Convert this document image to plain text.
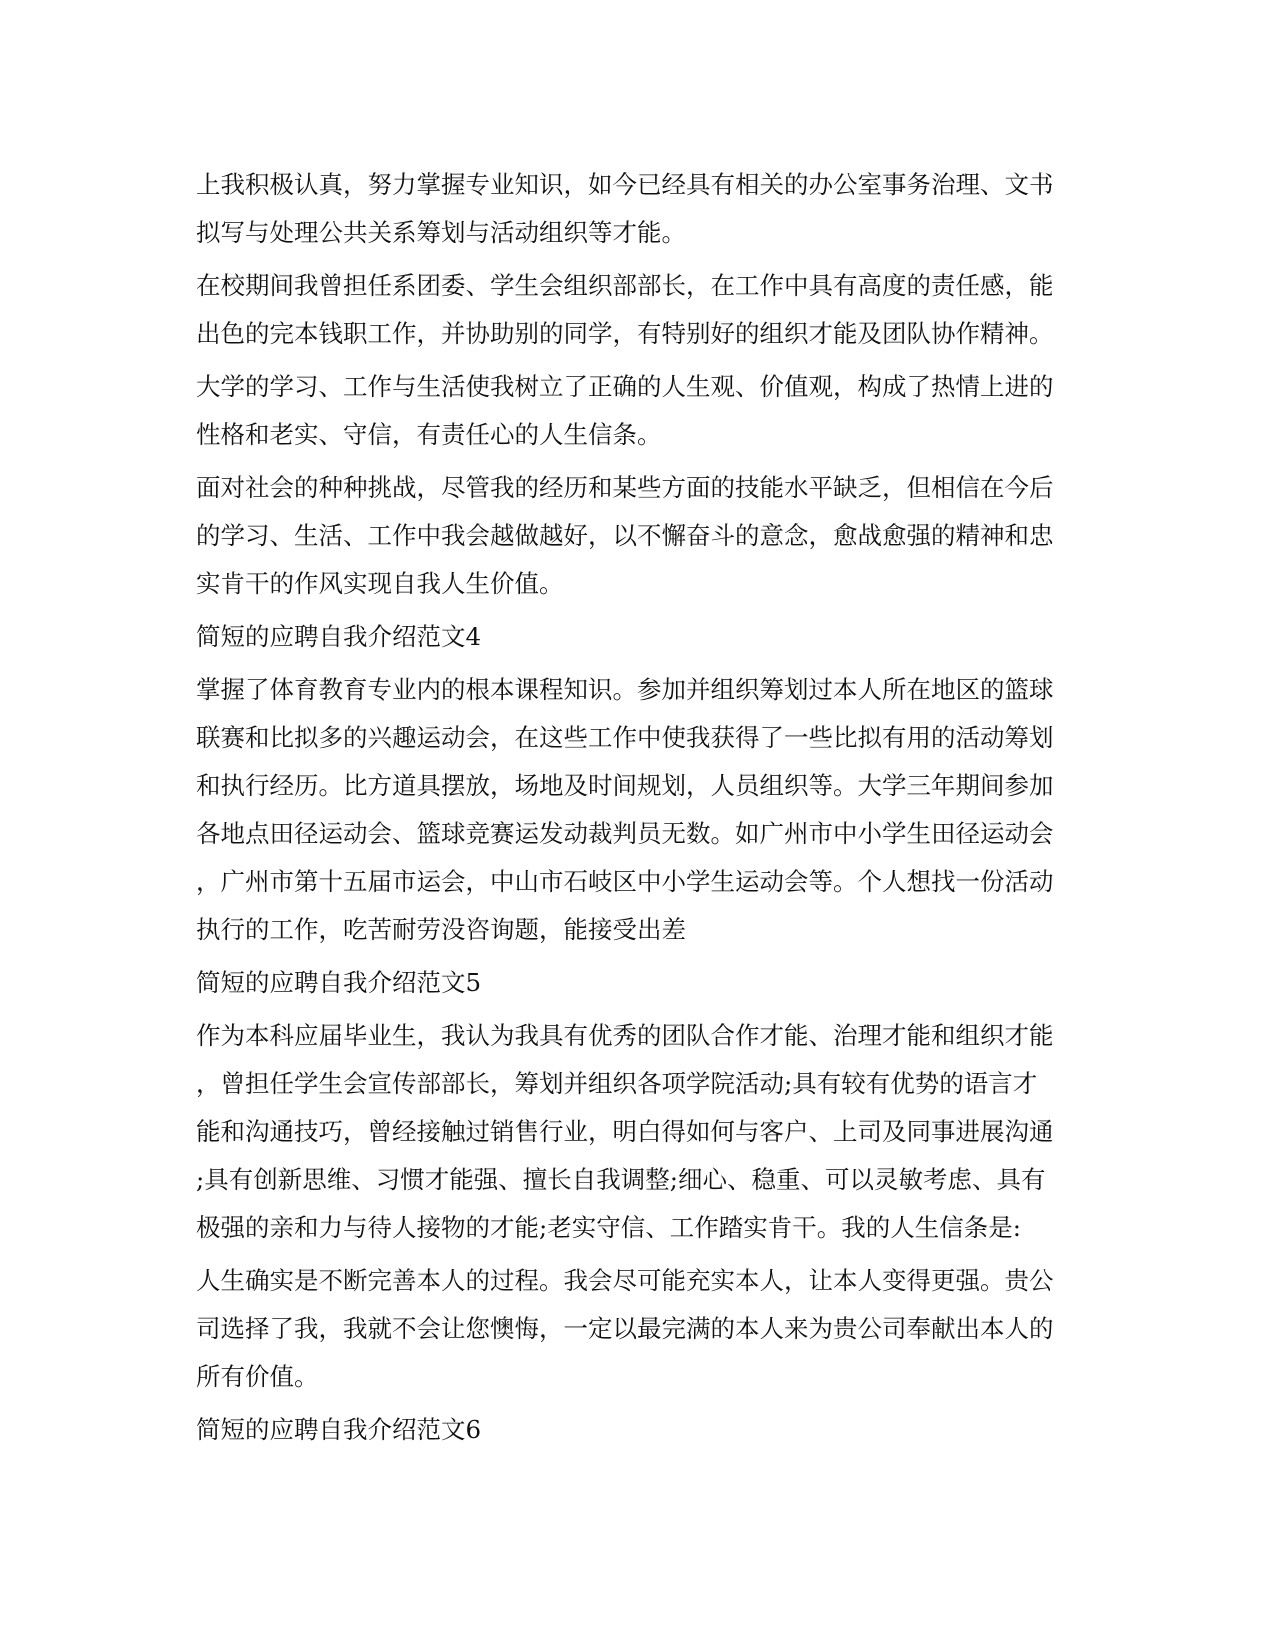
上我积极认真，努力掌握专业知识，如今已经具有相关的办公室事务治理、文书
拟写与处理公共关系筹划与活动组织等才能。
在校期间我曾担任系团委、学生会组织部部长，在工作中具有高度的责任感，能
出色的完本钱职工作，并协助别的同学，有特别好的组织才能及团队协作精神。
大学的学习、工作与生活使我树立了正确的人生观、价值观，构成了热情上进的
性格和老实、守信，有责任心的人生信条。
面对社会的种种挑战，尽管我的经历和某些方面的技能水平缺乏，但相信在今后
的学习、生活、工作中我会越做越好，以不懈奋斗的意念，愈战愈强的精神和忠
实肯干的作风实现自我人生价值。
简短的应聘自我介绍范文4
掌握了体育教育专业内的根本课程知识。参加并组织筹划过本人所在地区的篮球
联赛和比拟多的兴趣运动会，在这些工作中使我获得了一些比拟有用的活动筹划
和执行经历。比方道具摆放，场地及时间规划，人员组织等。大学三年期间参加
各地点田径运动会、篮球竞赛运发动裁判员无数。如广州市中小学生田径运动会
，广州市第十五届市运会，中山市石岐区中小学生运动会等。个人想找一份活动
执行的工作，吃苦耐劳没咨询题，能接受出差
简短的应聘自我介绍范文5
作为本科应届毕业生，我认为我具有优秀的团队合作才能、治理才能和组织才能
，曾担任学生会宣传部部长，筹划并组织各项学院活动;具有较有优势的语言才
能和沟通技巧，曾经接触过销售行业，明白得如何与客户、上司及同事进展沟通
;具有创新思维、习惯才能强、擅长自我调整;细心、稳重、可以灵敏考虑、具有
极强的亲和力与待人接物的才能;老实守信、工作踏实肯干。我的人生信条是:
人生确实是不断完善本人的过程。我会尽可能充实本人，让本人变得更强。贵公
司选择了我，我就不会让您懊悔，一定以最完满的本人来为贵公司奉献出本人的
所有价值。
简短的应聘自我介绍范文6
